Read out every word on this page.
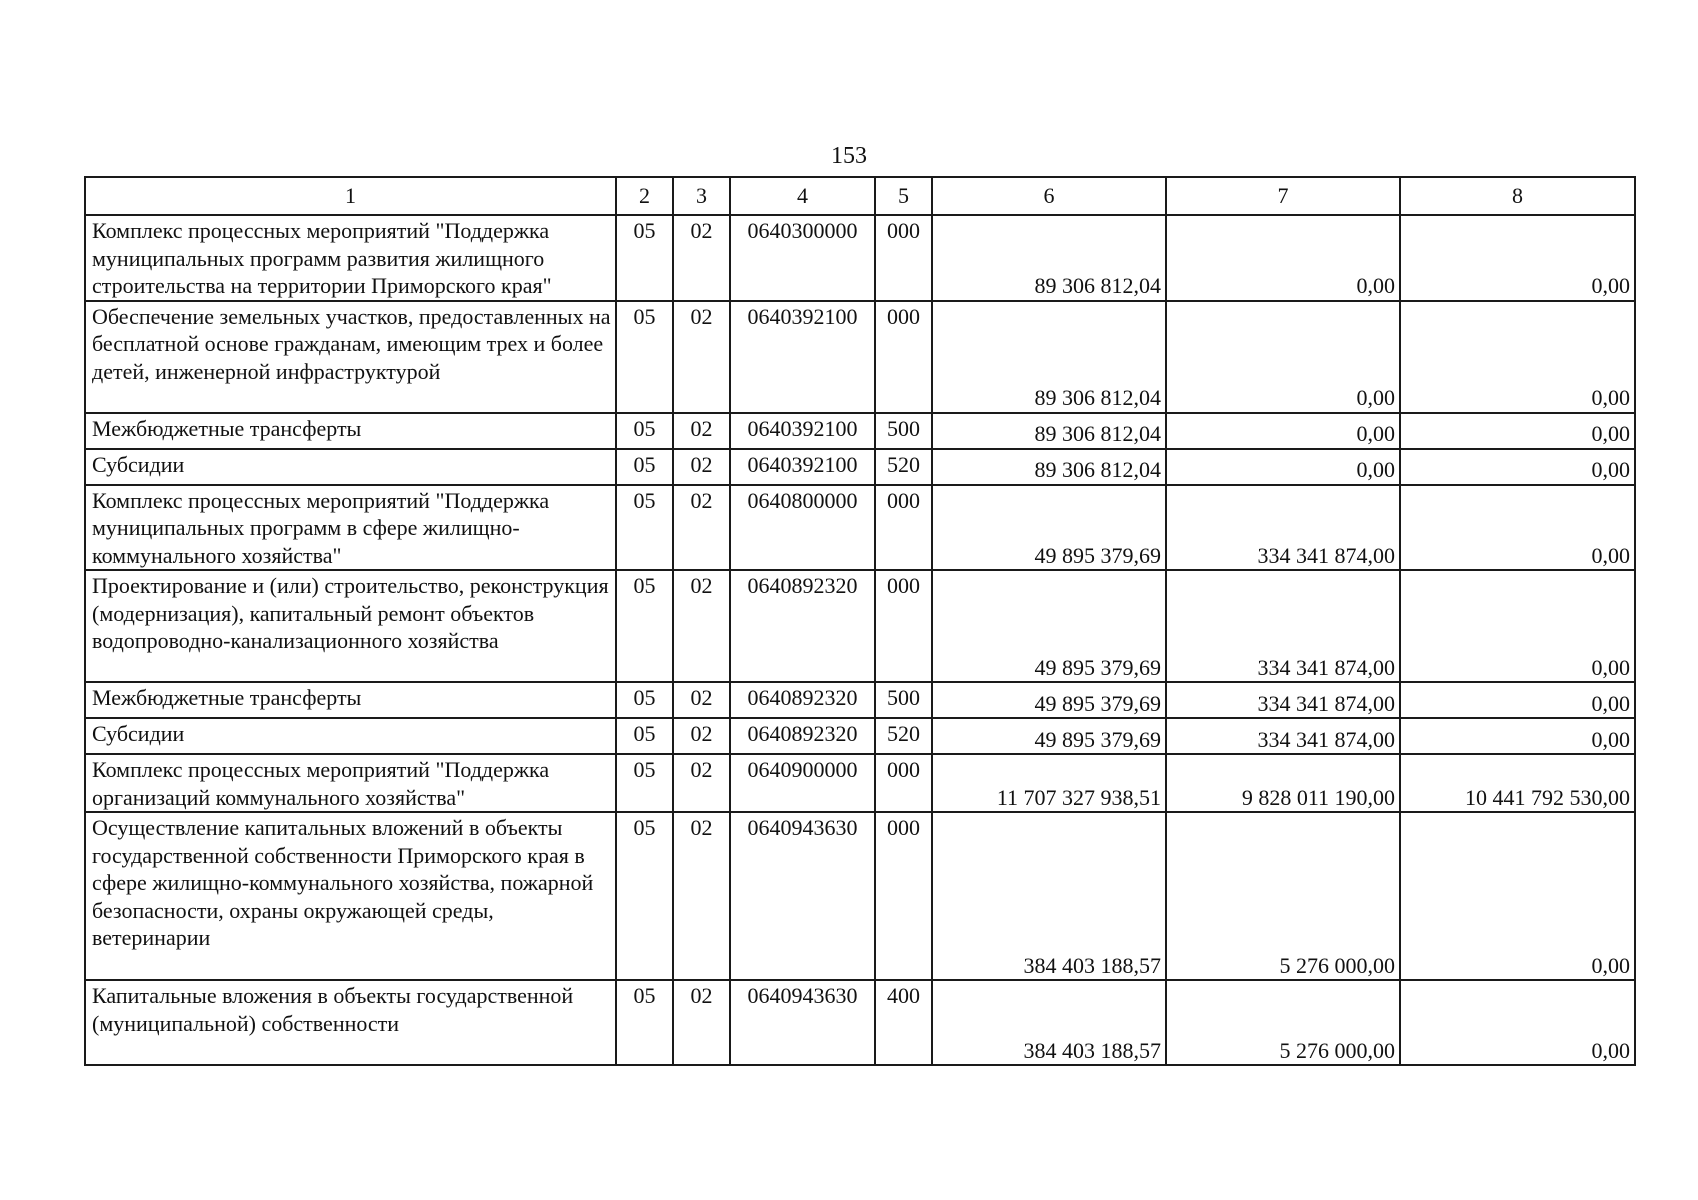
153
1	2	3	4	5	6	7	8
Комплекс процессных мероприятий "Поддержка муниципальных программ развития жилищного строительства на территории Приморского края"	05	02	0640300000	000	89 306 812,04	0,00	0,00
Обеспечение земельных участков, предоставленных на бесплатной основе гражданам, имеющим трех и более детей, инженерной инфраструктурой	05	02	0640392100	000	89 306 812,04	0,00	0,00
Межбюджетные трансферты	05	02	0640392100	500	89 306 812,04	0,00	0,00
Субсидии	05	02	0640392100	520	89 306 812,04	0,00	0,00
Комплекс процессных мероприятий "Поддержка муниципальных программ в сфере жилищно-коммунального хозяйства"	05	02	0640800000	000	49 895 379,69	334 341 874,00	0,00
Проектирование и (или) строительство, реконструкция (модернизация), капитальный ремонт объектов водопроводно-канализационного хозяйства	05	02	0640892320	000	49 895 379,69	334 341 874,00	0,00
Межбюджетные трансферты	05	02	0640892320	500	49 895 379,69	334 341 874,00	0,00
Субсидии	05	02	0640892320	520	49 895 379,69	334 341 874,00	0,00
Комплекс процессных мероприятий "Поддержка организаций коммунального хозяйства"	05	02	0640900000	000	11 707 327 938,51	9 828 011 190,00	10 441 792 530,00
Осуществление капитальных вложений в объекты государственной собственности Приморского края в сфере жилищно-коммунального хозяйства, пожарной безопасности, охраны окружающей среды, ветеринарии	05	02	0640943630	000	384 403 188,57	5 276 000,00	0,00
Капитальные вложения в объекты государственной (муниципальной) собственности	05	02	0640943630	400	384 403 188,57	5 276 000,00	0,00
